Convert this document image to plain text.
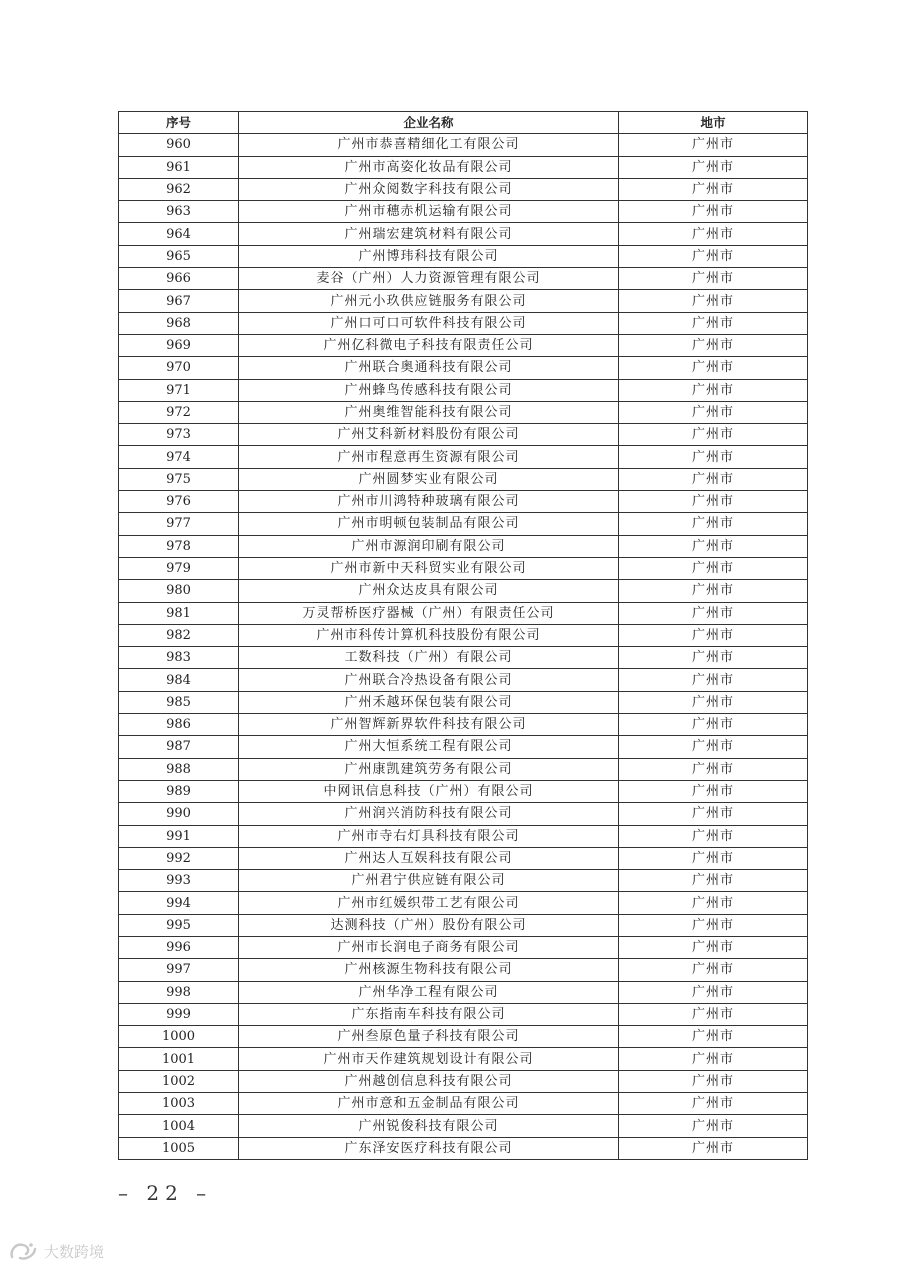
序号	企业名称	地市
960	广州市恭喜精细化工有限公司	广州市
961	广州市高姿化妆品有限公司	广州市
962	广州众阅数字科技有限公司	广州市
963	广州市穗赤机运输有限公司	广州市
964	广州瑞宏建筑材料有限公司	广州市
965	广州博玮科技有限公司	广州市
966	麦谷（广州）人力资源管理有限公司	广州市
967	广州元小玖供应链服务有限公司	广州市
968	广州口可口可软件科技有限公司	广州市
969	广州亿科微电子科技有限责任公司	广州市
970	广州联合奥通科技有限公司	广州市
971	广州蜂鸟传感科技有限公司	广州市
972	广州奥维智能科技有限公司	广州市
973	广州艾科新材料股份有限公司	广州市
974	广州市程意再生资源有限公司	广州市
975	广州圆梦实业有限公司	广州市
976	广州市川鸿特种玻璃有限公司	广州市
977	广州市明顿包装制品有限公司	广州市
978	广州市源润印刷有限公司	广州市
979	广州市新中天科贸实业有限公司	广州市
980	广州众达皮具有限公司	广州市
981	万灵帮桥医疗器械（广州）有限责任公司	广州市
982	广州市科传计算机科技股份有限公司	广州市
983	工数科技（广州）有限公司	广州市
984	广州联合冷热设备有限公司	广州市
985	广州禾越环保包装有限公司	广州市
986	广州智辉新界软件科技有限公司	广州市
987	广州大恒系统工程有限公司	广州市
988	广州康凯建筑劳务有限公司	广州市
989	中网讯信息科技（广州）有限公司	广州市
990	广州润兴消防科技有限公司	广州市
991	广州市寺右灯具科技有限公司	广州市
992	广州达人互娱科技有限公司	广州市
993	广州君宁供应链有限公司	广州市
994	广州市红媛织带工艺有限公司	广州市
995	达测科技（广州）股份有限公司	广州市
996	广州市长润电子商务有限公司	广州市
997	广州核源生物科技有限公司	广州市
998	广州华净工程有限公司	广州市
999	广东指南车科技有限公司	广州市
1000	广州叁原色量子科技有限公司	广州市
1001	广州市天作建筑规划设计有限公司	广州市
1002	广州越创信息科技有限公司	广州市
1003	广州市意和五金制品有限公司	广州市
1004	广州锐俊科技有限公司	广州市
1005	广东泽安医疗科技有限公司	广州市
– 22 –
大数跨境
